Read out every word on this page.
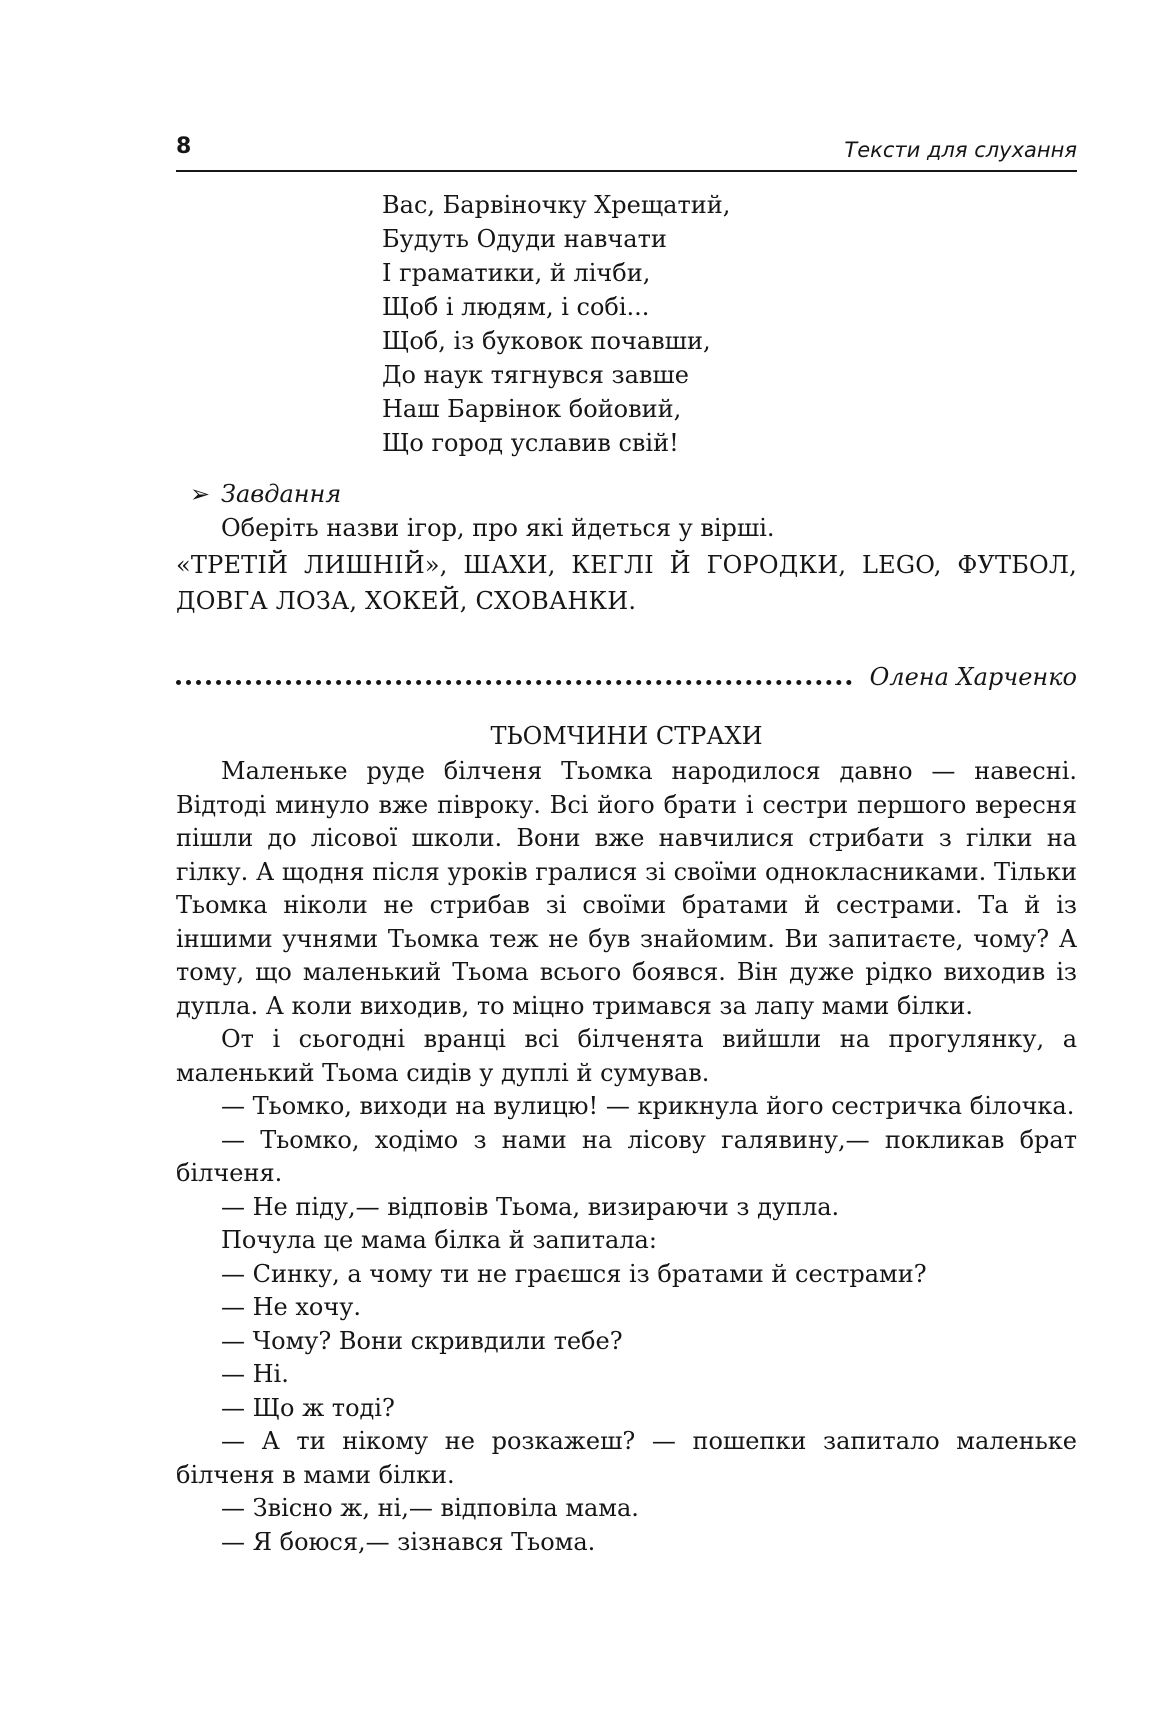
8	Тексти для слухання
Вас, Барвіночку Хрещатий,
Будуть Одуди навчати
І граматики, й лічби,
Щоб і людям, і собі...
Щоб, із буковок почавши,
До наук тягнувся завше
Наш Барвінок бойовий,
Що город уславив свій!
➢ Завдання
Оберіть назви ігор, про які йдеться у вірші.
«ТРЕТІЙ ЛИШНІЙ», ШАХИ, КЕГЛІ Й ГОРОДКИ, LEGO, ФУТБОЛ, ДОВГА ЛОЗА, ХОКЕЙ, СХОВАНКИ.
Олена Харченко
ТЬОМЧИНИ СТРАХИ

Маленьке руде білченя Тьомка народилося давно — навесні. Відтоді минуло вже півроку. Всі його брати і сестри першого вересня пішли до лісової школи. Вони вже навчилися стрибати з гілки на гілку. А щодня після уроків гралися зі своїми однокласниками. Тільки Тьомка ніколи не стрибав зі своїми братами й сестрами. Та й із іншими учнями Тьомка теж не був знайомим. Ви запитаєте, чому? А тому, що маленький Тьома всього боявся. Він дуже рідко виходив із дупла. А коли виходив, то міцно тримався за лапу мами білки.

От і сьогодні вранці всі білченята вийшли на прогулянку, а маленький Тьома сидів у дуплі й сумував.

— Тьомко, виходи на вулицю! — крикнула його сестричка білочка.

— Тьомко, ходімо з нами на лісову галявину,— покликав брат білченя.

— Не піду,— відповів Тьома, визираючи з дупла.

Почула це мама білка й запитала:

— Синку, а чому ти не граєшся із братами й сестрами?

— Не хочу.

— Чому? Вони скривдили тебе?

— Ні.

— Що ж тоді?

— А ти нікому не розкажеш? — пошепки запитало маленьке білченя в мами білки.

— Звісно ж, ні,— відповіла мама.

— Я боюся,— зізнався Тьома.
